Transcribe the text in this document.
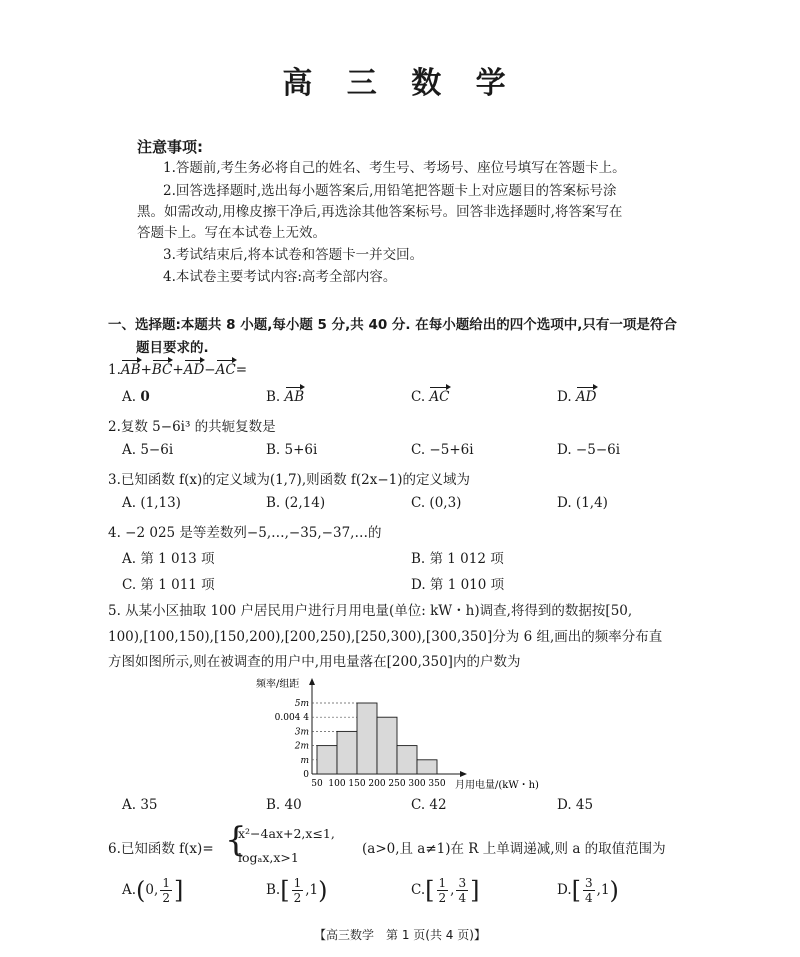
高 三 数 学
注意事项:
1.答题前,考生务必将自己的姓名、考生号、考场号、座位号填写在答题卡上。
2.回答选择题时,选出每小题答案后,用铅笔把答题卡上对应题目的答案标号涂
黑。如需改动,用橡皮擦干净后,再选涂其他答案标号。回答非选择题时,将答案写在
答题卡上。写在本试卷上无效。
3.考试结束后,将本试卷和答题卡一并交回。
4.本试卷主要考试内容:高考全部内容。
一、选择题:本题共 8 小题,每小题 5 分,共 40 分. 在每小题给出的四个选项中,只有一项是符合
题目要求的.
1.AB+BC+AD−AC=
A. 0	B. AB	C. AC	D. AD
2.复数 5−6i³ 的共轭复数是
A. 5−6i	B. 5+6i	C. −5+6i	D. −5−6i
3.已知函数 f(x)的定义域为(1,7),则函数 f(2x−1)的定义域为
A. (1,13)	B. (2,14)	C. (0,3)	D. (1,4)
4. −2 025 是等差数列−5,…,−35,−37,…的
A. 第 1 013 项	B. 第 1 012 项
C. 第 1 011 项	D. 第 1 010 项
5. 从某小区抽取 100 户居民用户进行月用电量(单位: kW・h)调查,将得到的数据按[50,
100),[100,150),[150,200),[200,250),[250,300),[300,350]分为 6 组,画出的频率分布直
方图如图所示,则在被调查的用户中,用电量落在[200,350]内的户数为
频率/组距
0
m
2m
3m
0.004 4
5m
50 100 150 200 250 300 350 月用电量/(kW・h)
A. 35	B. 40	C. 42	D. 45
6.已知函数 f(x)= {
x²−4ax+2,x≤1,
logₐx,x>1
(a>0,且 a≠1)在 R 上单调递减,则 a 的取值范围为
A.(0, $\frac{1}{2}$ ]	$B.[ \frac{1}{2} ,1)$	$C.[ \frac{1}{2}$ , $\frac{3}{4}$ ]	$D.[ \frac{3}{4} ,1)$
【高三数学　第 1 页(共 4 页)】
